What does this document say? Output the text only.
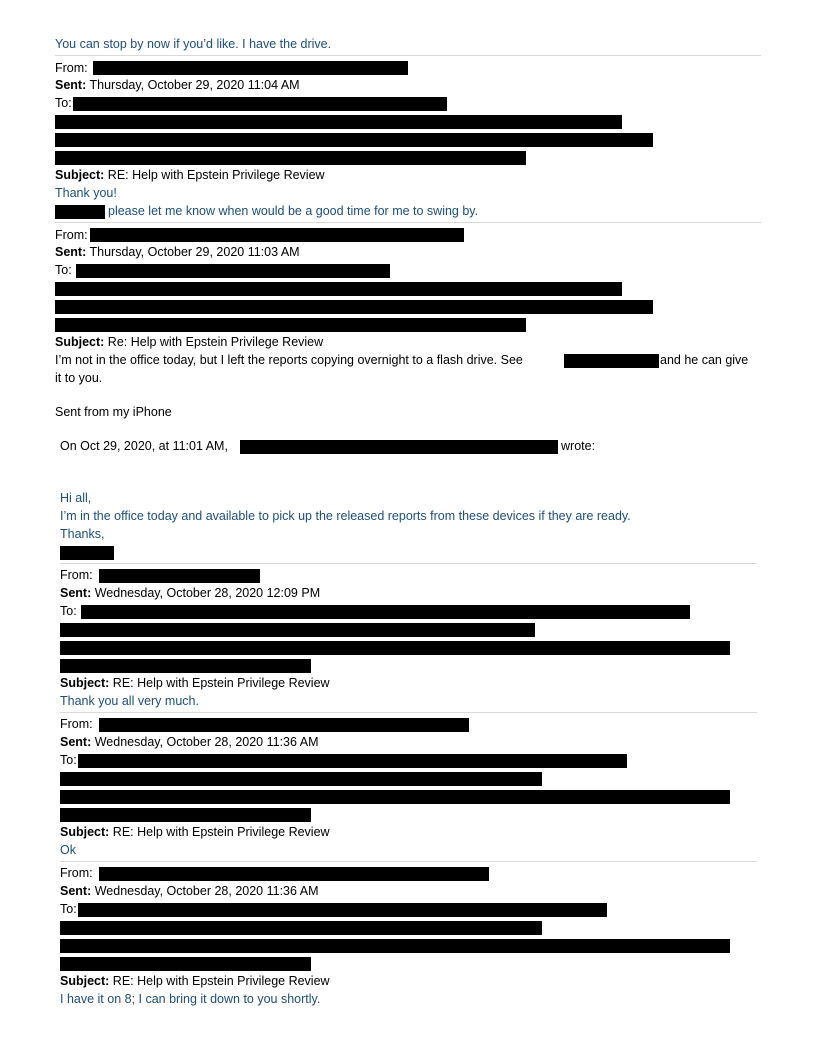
You can stop by now if you’d like. I have the drive.
From:
Sent: Thursday, October 29, 2020 11:04 AM
To:
Subject: RE: Help with Epstein Privilege Review
Thank you!
please let me know when would be a good time for me to swing by.
From:
Sent: Thursday, October 29, 2020 11:03 AM
To:
Subject: Re: Help with Epstein Privilege Review
I’m not in the office today, but I left the reports copying overnight to a flash drive. See	and he can give
it to you.
Sent from my iPhone
On Oct 29, 2020, at 11:01 AM,	wrote:
Hi all,
I’m in the office today and available to pick up the released reports from these devices if they are ready.
Thanks,
From:
Sent: Wednesday, October 28, 2020 12:09 PM
To:
Subject: RE: Help with Epstein Privilege Review
Thank you all very much.
From:
Sent: Wednesday, October 28, 2020 11:36 AM
To:
Subject: RE: Help with Epstein Privilege Review
Ok
From:
Sent: Wednesday, October 28, 2020 11:36 AM
To:
Subject: RE: Help with Epstein Privilege Review
I have it on 8; I can bring it down to you shortly.
